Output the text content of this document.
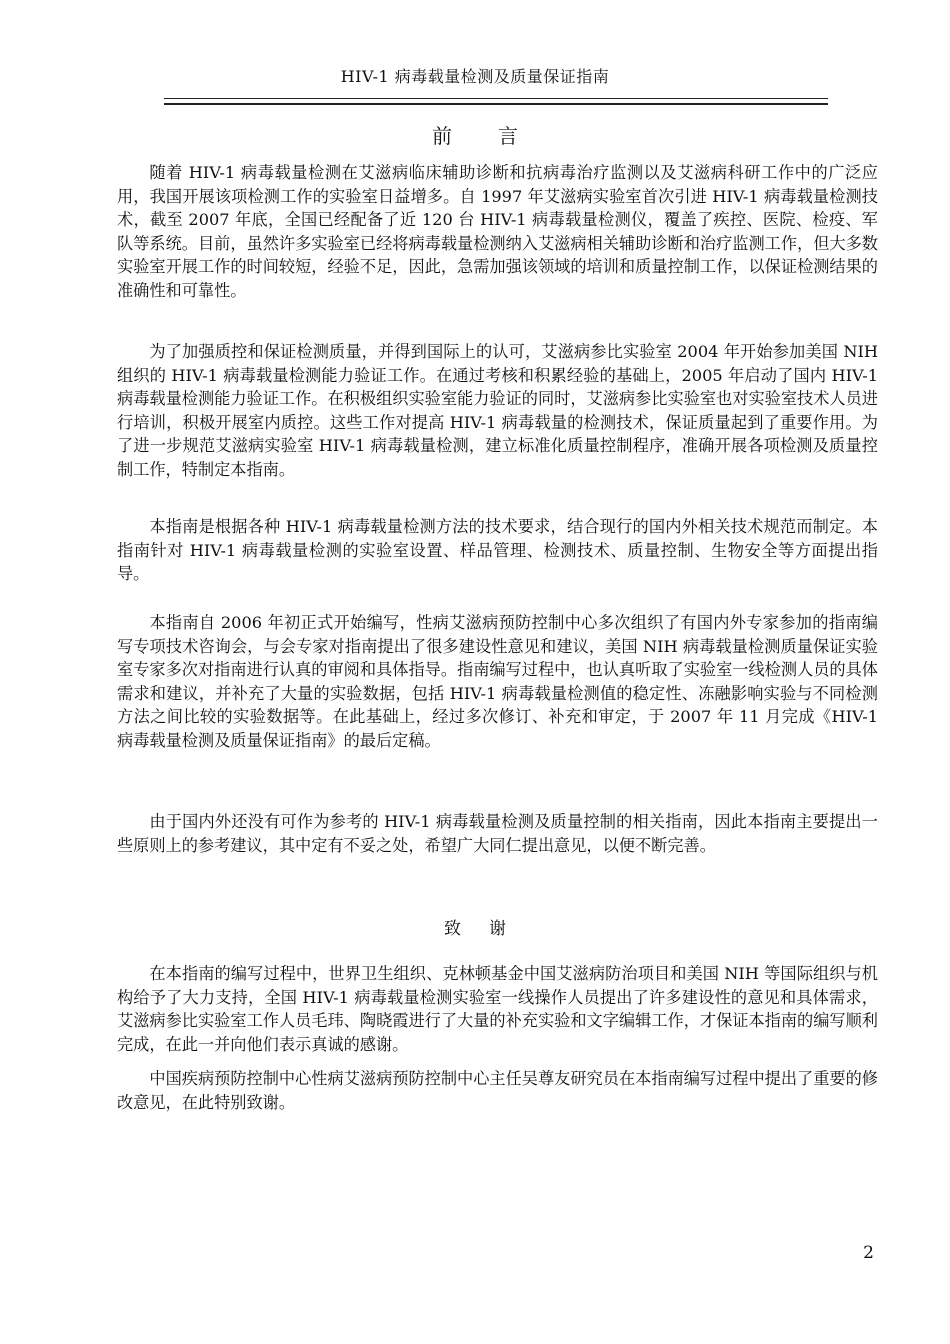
HIV-1 病毒载量检测及质量保证指南
前言

随着 HIV-1 病毒载量检测在艾滋病临床辅助诊断和抗病毒治疗监测以及艾滋病科研工作中的广泛应用，我国开展该项检测工作的实验室日益增多。自 1997 年艾滋病实验室首次引进 HIV-1 病毒载量检测技术，截至 2007 年底，全国已经配备了近 120 台 HIV-1 病毒载量检测仪，覆盖了疾控、医院、检疫、军队等系统。目前，虽然许多实验室已经将病毒载量检测纳入艾滋病相关辅助诊断和治疗监测工作，但大多数实验室开展工作的时间较短，经验不足，因此，急需加强该领域的培训和质量控制工作，以保证检测结果的准确性和可靠性。

为了加强质控和保证检测质量，并得到国际上的认可，艾滋病参比实验室 2004 年开始参加美国 NIH 组织的 HIV-1 病毒载量检测能力验证工作。在通过考核和积累经验的基础上，2005 年启动了国内 HIV-1 病毒载量检测能力验证工作。在积极组织实验室能力验证的同时，艾滋病参比实验室也对实验室技术人员进行培训，积极开展室内质控。这些工作对提高 HIV-1 病毒载量的检测技术，保证质量起到了重要作用。为了进一步规范艾滋病实验室 HIV-1 病毒载量检测，建立标准化质量控制程序，准确开展各项检测及质量控制工作，特制定本指南。

本指南是根据各种 HIV-1 病毒载量检测方法的技术要求，结合现行的国内外相关技术规范而制定。本指南针对 HIV-1 病毒载量检测的实验室设置、样品管理、检测技术、质量控制、生物安全等方面提出指导。

本指南自 2006 年初正式开始编写，性病艾滋病预防控制中心多次组织了有国内外专家参加的指南编写专项技术咨询会，与会专家对指南提出了很多建设性意见和建议，美国 NIH 病毒载量检测质量保证实验室专家多次对指南进行认真的审阅和具体指导。指南编写过程中，也认真听取了实验室一线检测人员的具体需求和建议，并补充了大量的实验数据，包括 HIV-1 病毒载量检测值的稳定性、冻融影响实验与不同检测方法之间比较的实验数据等。在此基础上，经过多次修订、补充和审定，于 2007 年 11 月完成《HIV-1 病毒载量检测及质量保证指南》的最后定稿。

由于国内外还没有可作为参考的 HIV-1 病毒载量检测及质量控制的相关指南，因此本指南主要提出一些原则上的参考建议，其中定有不妥之处，希望广大同仁提出意见，以便不断完善。

致谢

在本指南的编写过程中，世界卫生组织、克林顿基金中国艾滋病防治项目和美国 NIH 等国际组织与机构给予了大力支持，全国 HIV-1 病毒载量检测实验室一线操作人员提出了许多建设性的意见和具体需求，艾滋病参比实验室工作人员毛玮、陶晓霞进行了大量的补充实验和文字编辑工作，才保证本指南的编写顺利完成，在此一并向他们表示真诚的感谢。

中国疾病预防控制中心性病艾滋病预防控制中心主任吴尊友研究员在本指南编写过程中提出了重要的修改意见，在此特别致谢。

2
